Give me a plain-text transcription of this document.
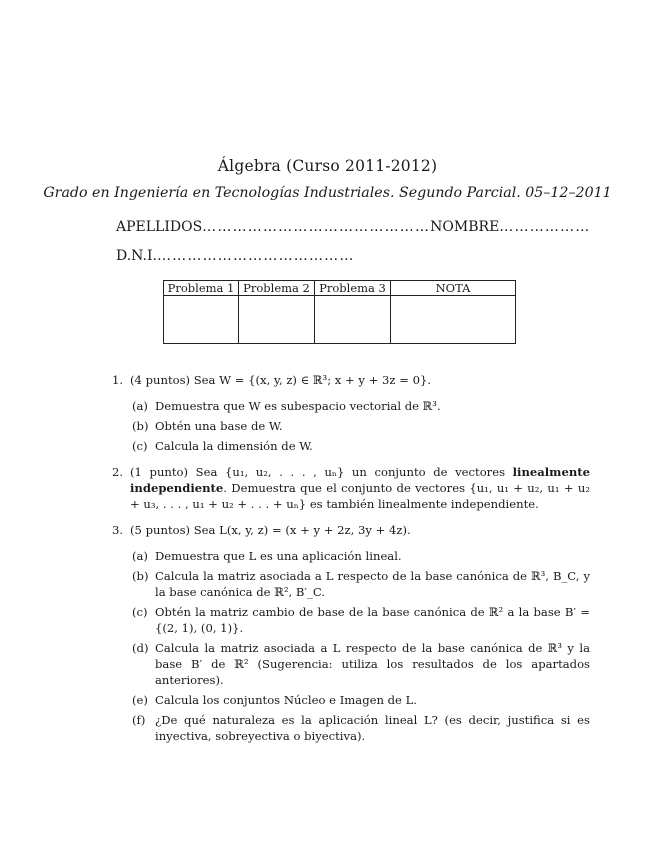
Álgebra (Curso 2011-2012)
Grado en Ingeniería en Tecnologías Industriales. Segundo Parcial. 05–12–2011
APELLIDOS………………………………………NOMBRE………………
D.N.I.…………………………………
Problema 1	Problema 2	Problema 3	NOTA

1. (4 puntos) Sea W = {(x, y, z) ∈ ℝ³; x + y + 3z = 0}.
(a) Demuestra que W es subespacio vectorial de ℝ³.
(b) Obtén una base de W.
(c) Calcula la dimensión de W.
2. (1 punto) Sea {u₁, u₂, . . . , uₙ} un conjunto de vectores linealmente independiente. Demuestra que el conjunto de vectores {u₁, u₁ + u₂, u₁ + u₂ + u₃, . . . , u₁ + u₂ + . . . + uₙ} es también linealmente independiente.
3. (5 puntos) Sea L(x, y, z) = (x + y + 2z, 3y + 4z).
(a) Demuestra que L es una aplicación lineal.
(b) Calcula la matriz asociada a L respecto de la base canónica de ℝ³, B_C, y la base canónica de ℝ², B′_C.
(c) Obtén la matriz cambio de base de la base canónica de ℝ² a la base B′ = {(2, 1), (0, 1)}.
(d) Calcula la matriz asociada a L respecto de la base canónica de ℝ³ y la base B′ de ℝ² (Sugerencia: utiliza los resultados de los apartados anteriores).
(e) Calcula los conjuntos Núcleo e Imagen de L.
(f) ¿De qué naturaleza es la aplicación lineal L? (es decir, justifica si es inyectiva, sobreyectiva o biyectiva).
